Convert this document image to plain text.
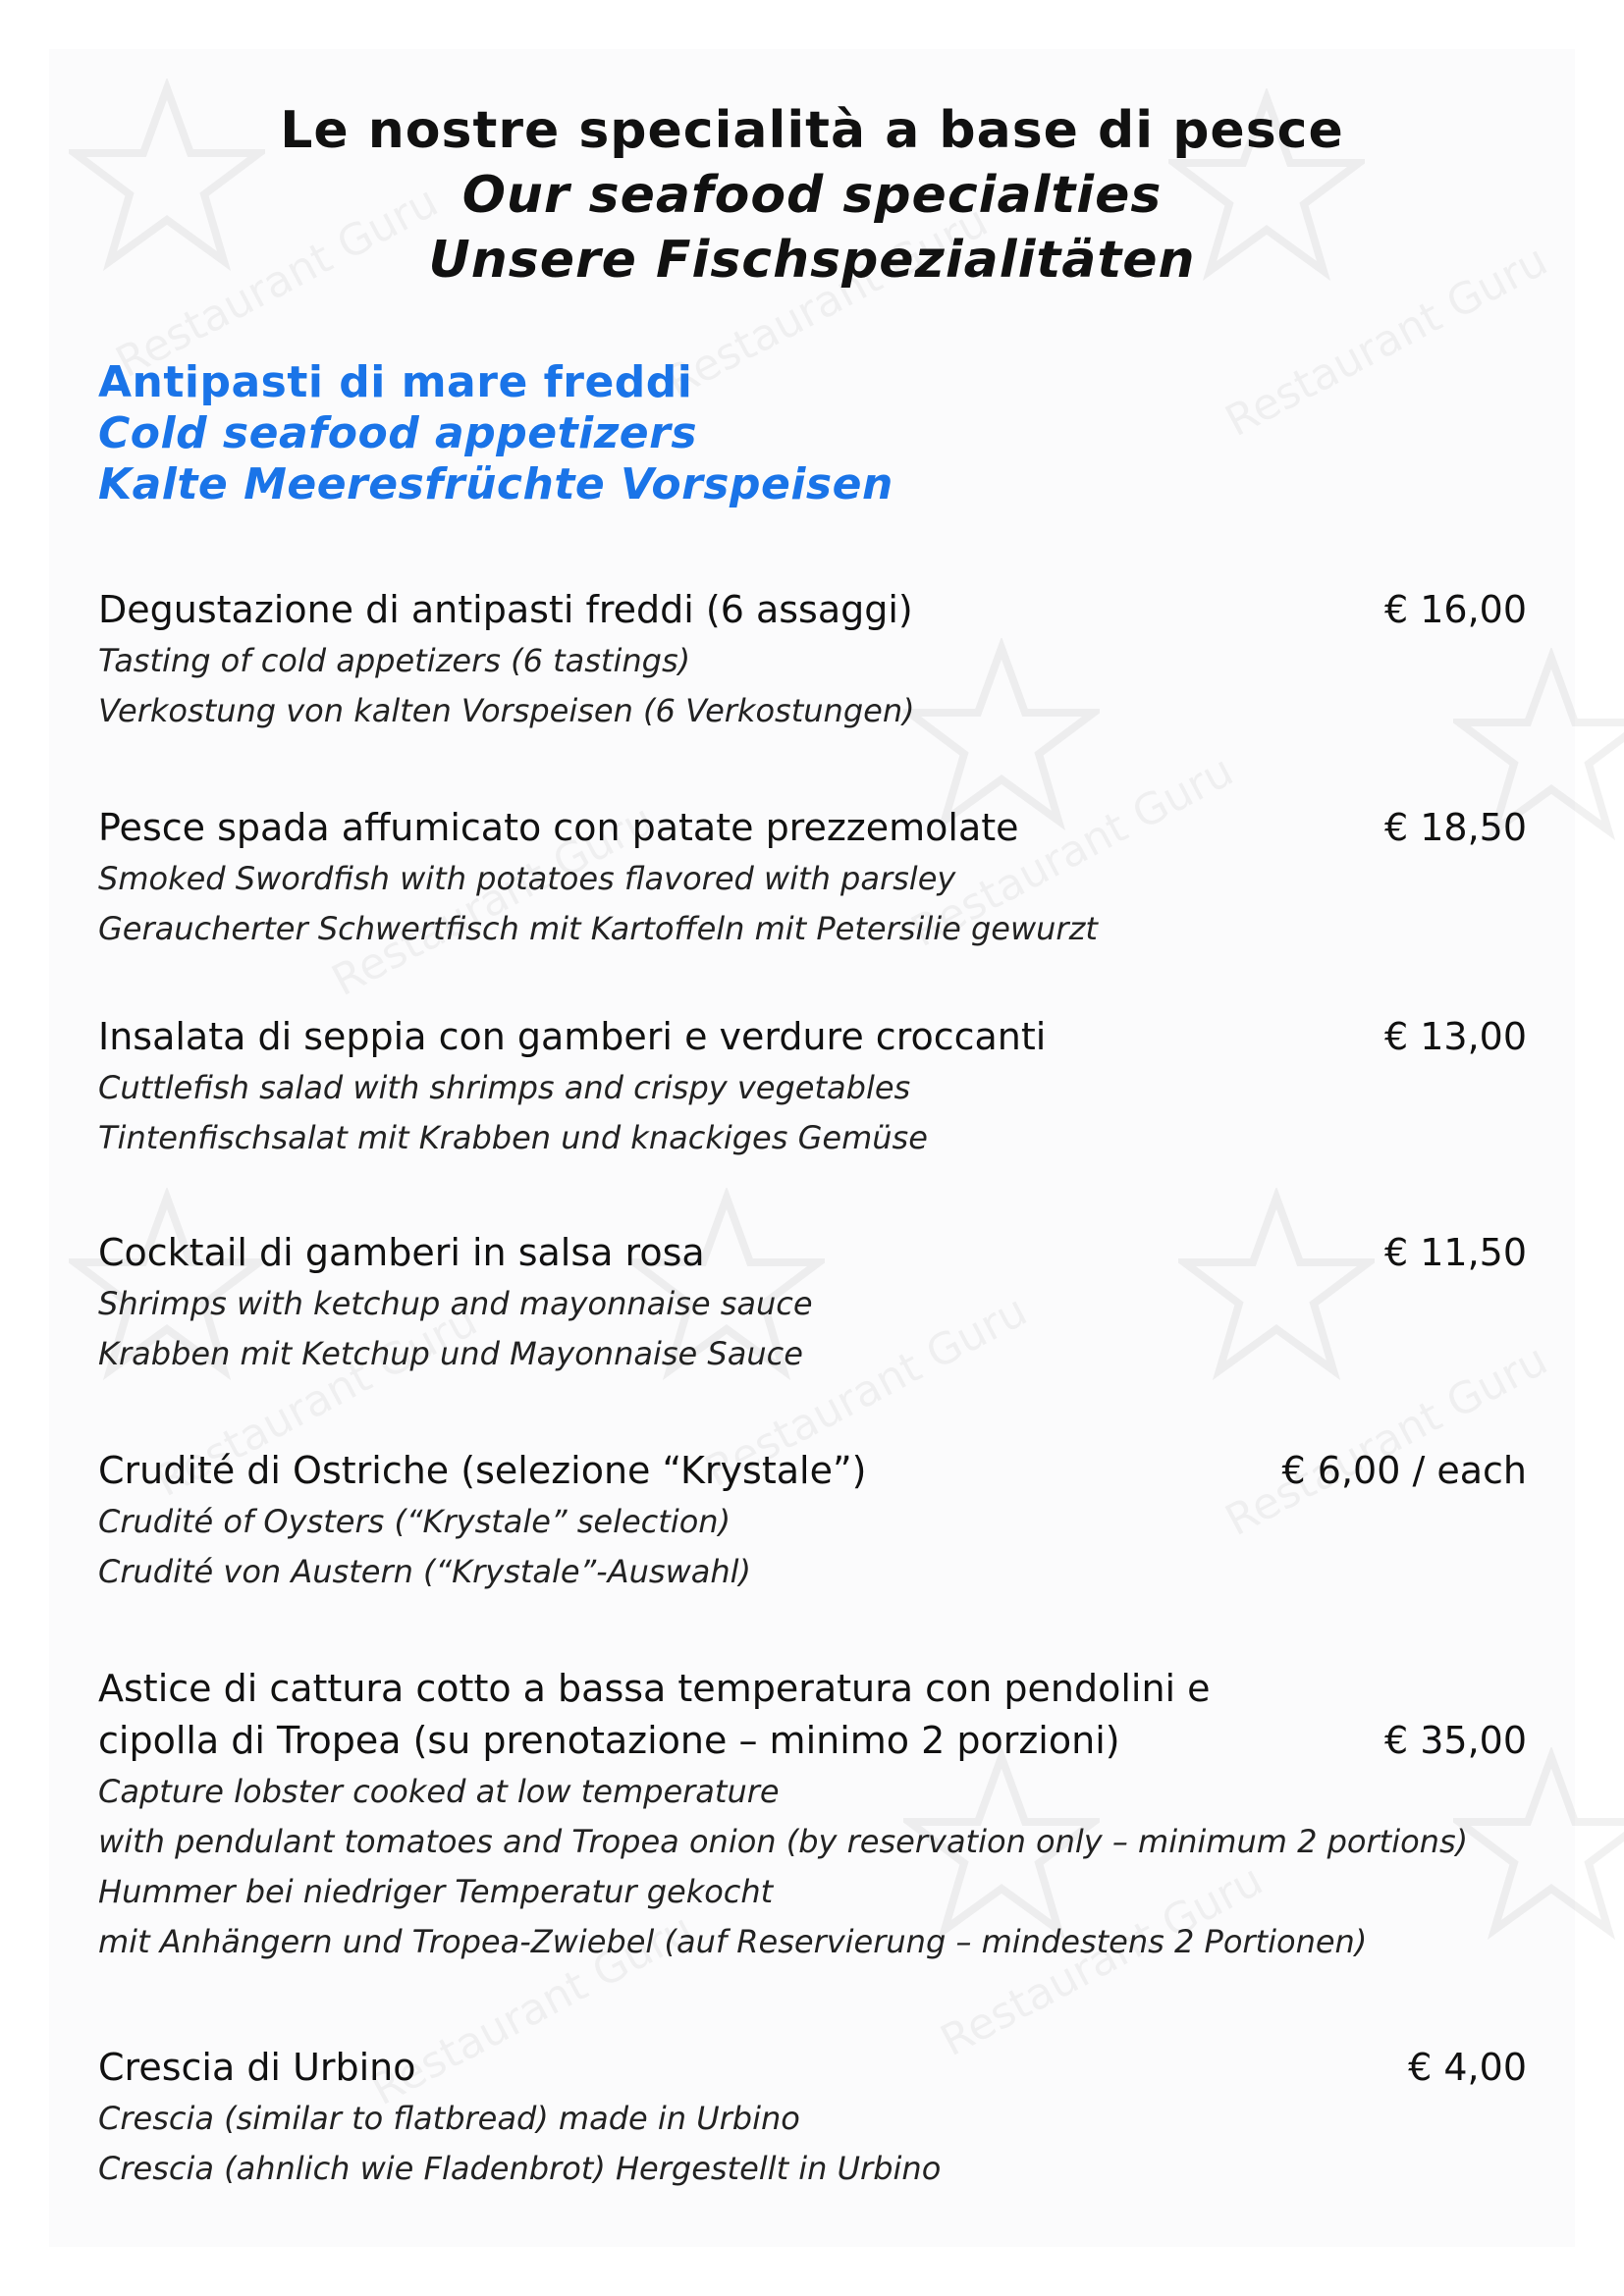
Le nostre specialità a base di pesce
Our seafood specialties
Unsere Fischspezialitäten
Antipasti di mare freddi
Cold seafood appetizers
Kalte Meeresfrüchte Vorspeisen
€ 16,00
Degustazione di antipasti freddi (6 assaggi)
Tasting of cold appetizers (6 tastings)
Verkostung von kalten Vorspeisen (6 Verkostungen)
€ 18,50
Pesce spada affumicato con patate prezzemolate
Smoked Swordfish with potatoes flavored with parsley
Geraucherter Schwertfisch mit Kartoffeln mit Petersilie gewurzt
€ 13,00
Insalata di seppia con gamberi e verdure croccanti
Cuttlefish salad with shrimps and crispy vegetables
Tintenfischsalat mit Krabben und knackiges Gemüse
€ 11,50
Cocktail di gamberi in salsa rosa
Shrimps with ketchup and mayonnaise sauce
Krabben mit Ketchup und Mayonnaise Sauce
€ 6,00 / each
Crudité di Ostriche (selezione “Krystale”)
Crudité of Oysters (“Krystale” selection)
Crudité von Austern (“Krystale”-Auswahl)
€ 35,00
Astice di cattura cotto a bassa temperatura con pendolini e
cipolla di Tropea (su prenotazione – minimo 2 porzioni)
Capture lobster cooked at low temperature
with pendulant tomatoes and Tropea onion (by reservation only – minimum 2 portions)
Hummer bei niedriger Temperatur gekocht
mit Anhängern und Tropea-Zwiebel (auf Reservierung – mindestens 2 Portionen)
€ 4,00
Crescia di Urbino
Crescia (similar to flatbread) made in Urbino
Crescia (ahnlich wie Fladenbrot) Hergestellt in Urbino
